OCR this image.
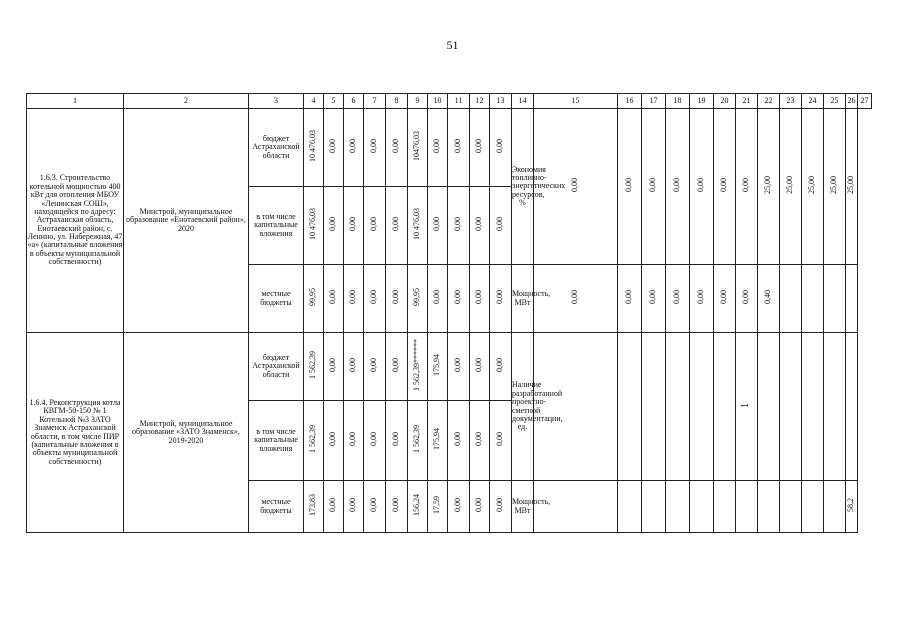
51
1	2	3	4	5	6	7	8	9	10	11	12	13	14	15	16	17	18	19	20	21	22	23	24	25	26	27
1.6.3. Строительство котельной мощностью 400 кВт для отопления МБОУ «Ленинская СОШ», находящейся по адресу: Астраханская область, Енотаевский район, с. Ленино, ул. Набережная, 47 «а» (капитальные вложения в объекты муниципальной собственности)	Минстрой, муниципальное образование «Енотаевский район», 2020	бюджет Астраханской области	10 476,03	0,00	0,00	0,00	0,00	10476,03	0,00	0,00	0,00	0,00	Экономия топливно-энергетических ресурсов, %	0,00	0,00	0,00	0,00	0,00	0,00	0,00	25,00	25,00	25,00	25,00	25,00	
		в том числе капитальные вложения	10 476,03	0,00	0,00	0,00	0,00	10 476,03	0,00	0,00	0,00	0,00														
		местные бюджеты	99,95	0,00	0,00	0,00	0,00	99,95	0,00	0,00	0,00	0,00	Мощность, МВт	0,00	0,00	0,00	0,00	0,00	0,00	0,00	0,40					
1.6.4. Реконструкция котла КВГМ-50-150 № 1 Котельной №3 ЗАТО Знаменск Астраханской области, в том числе ПИР (капитальные вложения в объекты муниципальной собственности)	Минстрой, муниципальное образование «ЗАТО Знаменск», 2019-2020	бюджет Астраханской области	1 562,39	0,00	0,00	0,00	0,00	1 562,39******	175,94	0,00	0,00	0,00	Наличие разработанной проектно-сметной документации, ед.							1						
		в том числе капитальные вложения	1 562,39	0,00	0,00	0,00	0,00	1 562,39	175,94	0,00	0,00	0,00														
		местные бюджеты	173,83	0,00	0,00	0,00	0,00	156,24	17,59	0,00	0,00	0,00	Мощность, МВт												58,2	
